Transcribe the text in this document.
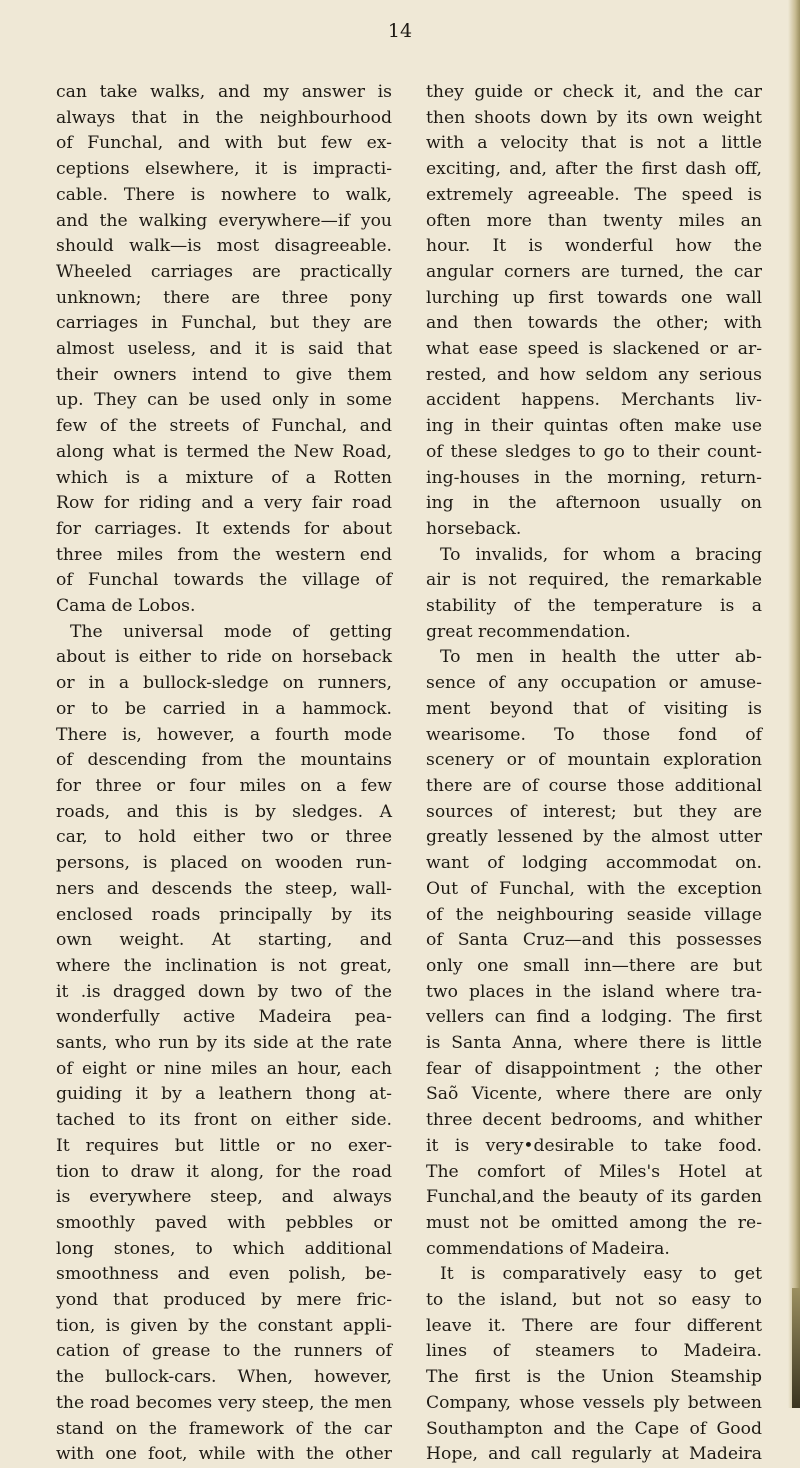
14
can take walks, and my answer is
always that in the neighbourhood
of Funchal, and with but few ex-
ceptions elsewhere, it is impracti-
cable. There is nowhere to walk,
and the walking everywhere—if you
should walk—is most disagreeable.
Wheeled carriages are practically
unknown; there are three pony
carriages in Funchal, but they are
almost useless, and it is said that
their owners intend to give them
up. They can be used only in some
few of the streets of Funchal, and
along what is termed the New Road,
which is a mixture of a Rotten
Row for riding and a very fair road
for carriages. It extends for about
three miles from the western end
of Funchal towards the village of
Cama de Lobos.
The universal mode of getting
about is either to ride on horseback
or in a bullock-sledge on runners,
or to be carried in a hammock.
There is, however, a fourth mode
of descending from the mountains
for three or four miles on a few
roads, and this is by sledges. A
car, to hold either two or three
persons, is placed on wooden run-
ners and descends the steep, wall-
enclosed roads principally by its
own weight. At starting, and
where the inclination is not great,
it .is dragged down by two of the
wonderfully active Madeira pea-
sants, who run by its side at the rate
of eight or nine miles an hour, each
guiding it by a leathern thong at-
tached to its front on either side.
It requires but little or no exer-
tion to draw it along, for the road
is everywhere steep, and always
smoothly paved with pebbles or
long stones, to which additional
smoothness and even polish, be-
yond that produced by mere fric-
tion, is given by the constant appli-
cation of grease to the runners of
the bullock-cars. When, however,
the road becomes very steep, the men
stand on the framework of the car
with one foot, while with the other
they guide or check it, and the car
then shoots down by its own weight
with a velocity that is not a little
exciting, and, after the first dash off,
extremely agreeable. The speed is
often more than twenty miles an
hour. It is wonderful how the
angular corners are turned, the car
lurching up first towards one wall
and then towards the other; with
what ease speed is slackened or ar-
rested, and how seldom any serious
accident happens. Merchants liv-
ing in their quintas often make use
of these sledges to go to their count-
ing-houses in the morning, return-
ing in the afternoon usually on
horseback.
To invalids, for whom a bracing
air is not required, the remarkable
stability of the temperature is a
great recommendation.
To men in health the utter ab-
sence of any occupation or amuse-
ment beyond that of visiting is
wearisome. To those fond of
scenery or of mountain exploration
there are of course those additional
sources of interest; but they are
greatly lessened by the almost utter
want of lodging accommodat on.
Out of Funchal, with the exception
of the neighbouring seaside village
of Santa Cruz—and this possesses
only one small inn—there are but
two places in the island where tra-
vellers can find a lodging. The first
is Santa Anna, where there is little
fear of disappointment ; the other
Saõ Vicente, where there are only
three decent bedrooms, and whither
it is very•desirable to take food.
The comfort of Miles's Hotel at
Funchal,and the beauty of its garden
must not be omitted among the re-
commendations of Madeira.
It is comparatively easy to get
to the island, but not so easy to
leave it. There are four different
lines of steamers to Madeira.
The first is the Union Steamship
Company, whose vessels ply between
Southampton and the Cape of Good
Hope, and call regularly at Madeira
